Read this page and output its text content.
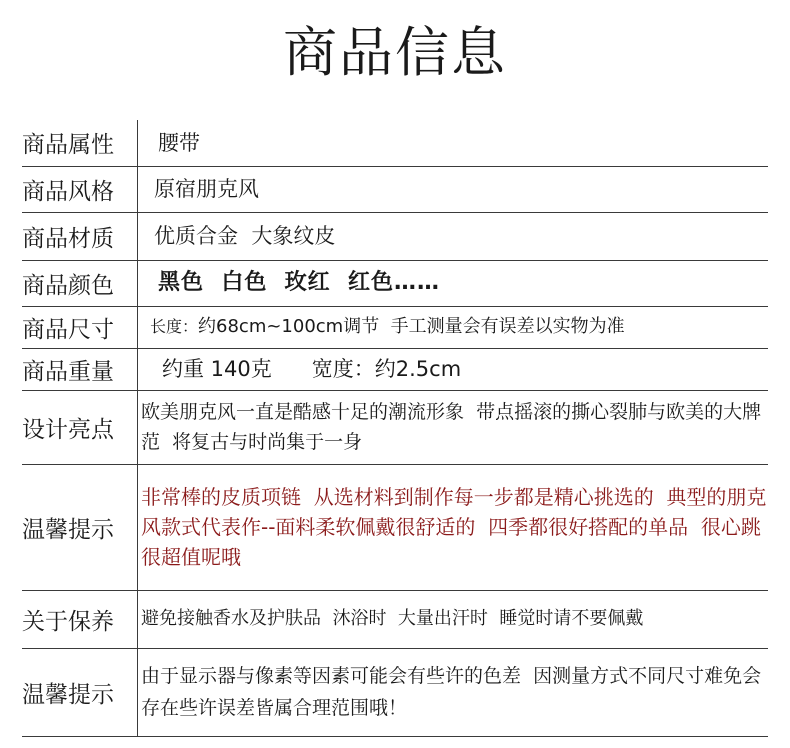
商品信息
商品属性	腰带
商品风格	原宿朋克风
商品材质	优质合金  大象纹皮
商品颜色	黑色  白色  玫红  红色……
商品尺寸	长度：约68cm~100cm调节  手工测量会有误差以实物为准
商品重量	约重 140克 宽度：约2.5cm
设计亮点	欧美朋克风一直是酷感十足的潮流形象  带点摇滚的撕心裂肺与欧美的大牌范  将复古与时尚集于一身
温馨提示	非常棒的皮质项链  从选材料到制作每一步都是精心挑选的  典型的朋克风款式代表作--面料柔软佩戴很舒适的  四季都很好搭配的单品  很心跳很超值呢哦
关于保养	避免接触香水及护肤品  沐浴时  大量出汗时  睡觉时请不要佩戴
温馨提示	由于显示器与像素等因素可能会有些许的色差  因测量方式不同尺寸难免会存在些许误差皆属合理范围哦！
